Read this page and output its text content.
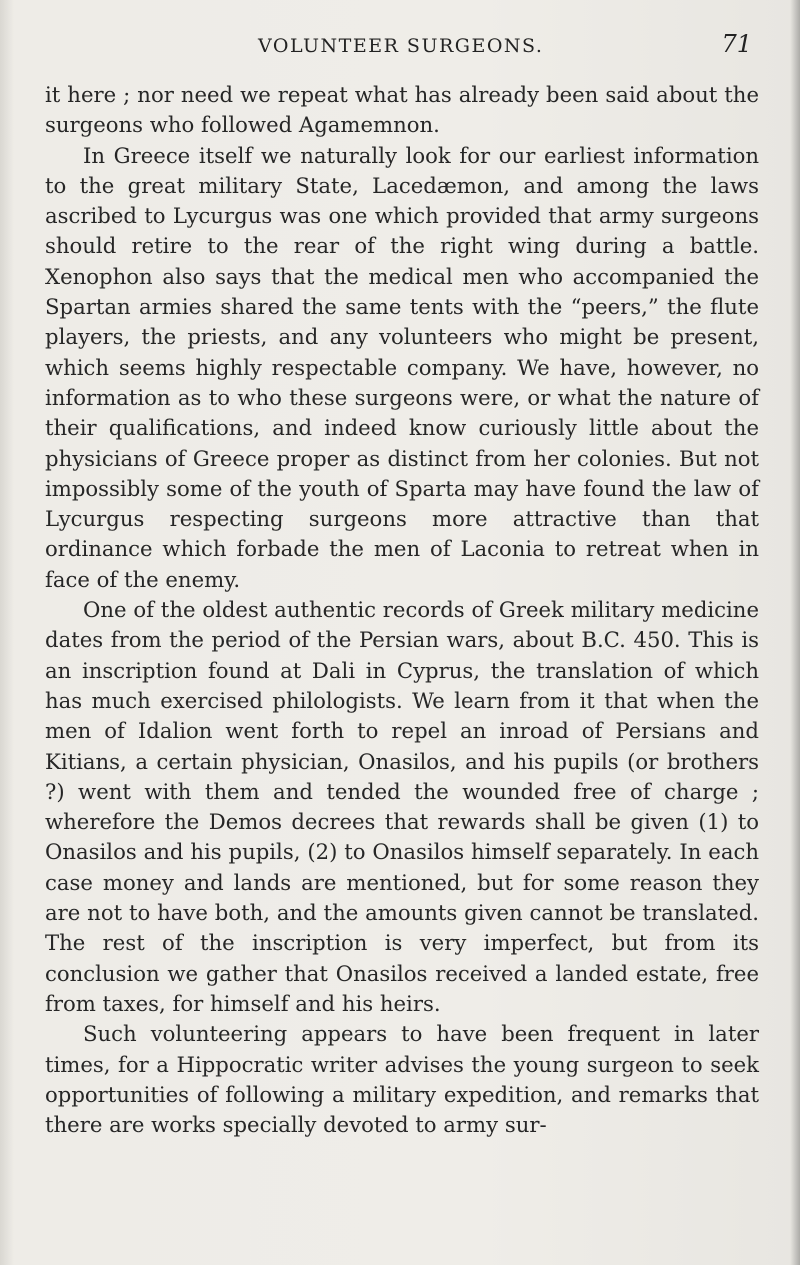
VOLUNTEER SURGEONS.	71

it here ; nor need we repeat what has already been said about the surgeons who followed Agamemnon.

In Greece itself we naturally look for our earliest information to the great military State, Lacedæmon, and among the laws ascribed to Lycurgus was one which provided that army surgeons should retire to the rear of the right wing during a battle. Xenophon also says that the medical men who accompanied the Spartan armies shared the same tents with the “peers,” the flute players, the priests, and any volunteers who might be present, which seems highly respectable company. We have, however, no information as to who these surgeons were, or what the nature of their qualifications, and indeed know curiously little about the physicians of Greece proper as distinct from her colonies. But not impossibly some of the youth of Sparta may have found the law of Lycurgus respecting surgeons more attractive than that ordinance which forbade the men of Laconia to retreat when in face of the enemy.

One of the oldest authentic records of Greek military medicine dates from the period of the Persian wars, about B.C. 450. This is an inscription found at Dali in Cyprus, the translation of which has much exercised philologists. We learn from it that when the men of Idalion went forth to repel an inroad of Persians and Kitians, a certain physician, Onasilos, and his pupils (or brothers ?) went with them and tended the wounded free of charge ; wherefore the Demos decrees that rewards shall be given (1) to Onasilos and his pupils, (2) to Onasilos himself separately. In each case money and lands are mentioned, but for some reason they are not to have both, and the amounts given cannot be translated. The rest of the inscription is very imperfect, but from its conclusion we gather that Onasilos received a landed estate, free from taxes, for himself and his heirs.

Such volunteering appears to have been frequent in later times, for a Hippocratic writer advises the young surgeon to seek opportunities of following a military expedition, and remarks that there are works specially devoted to army sur-
